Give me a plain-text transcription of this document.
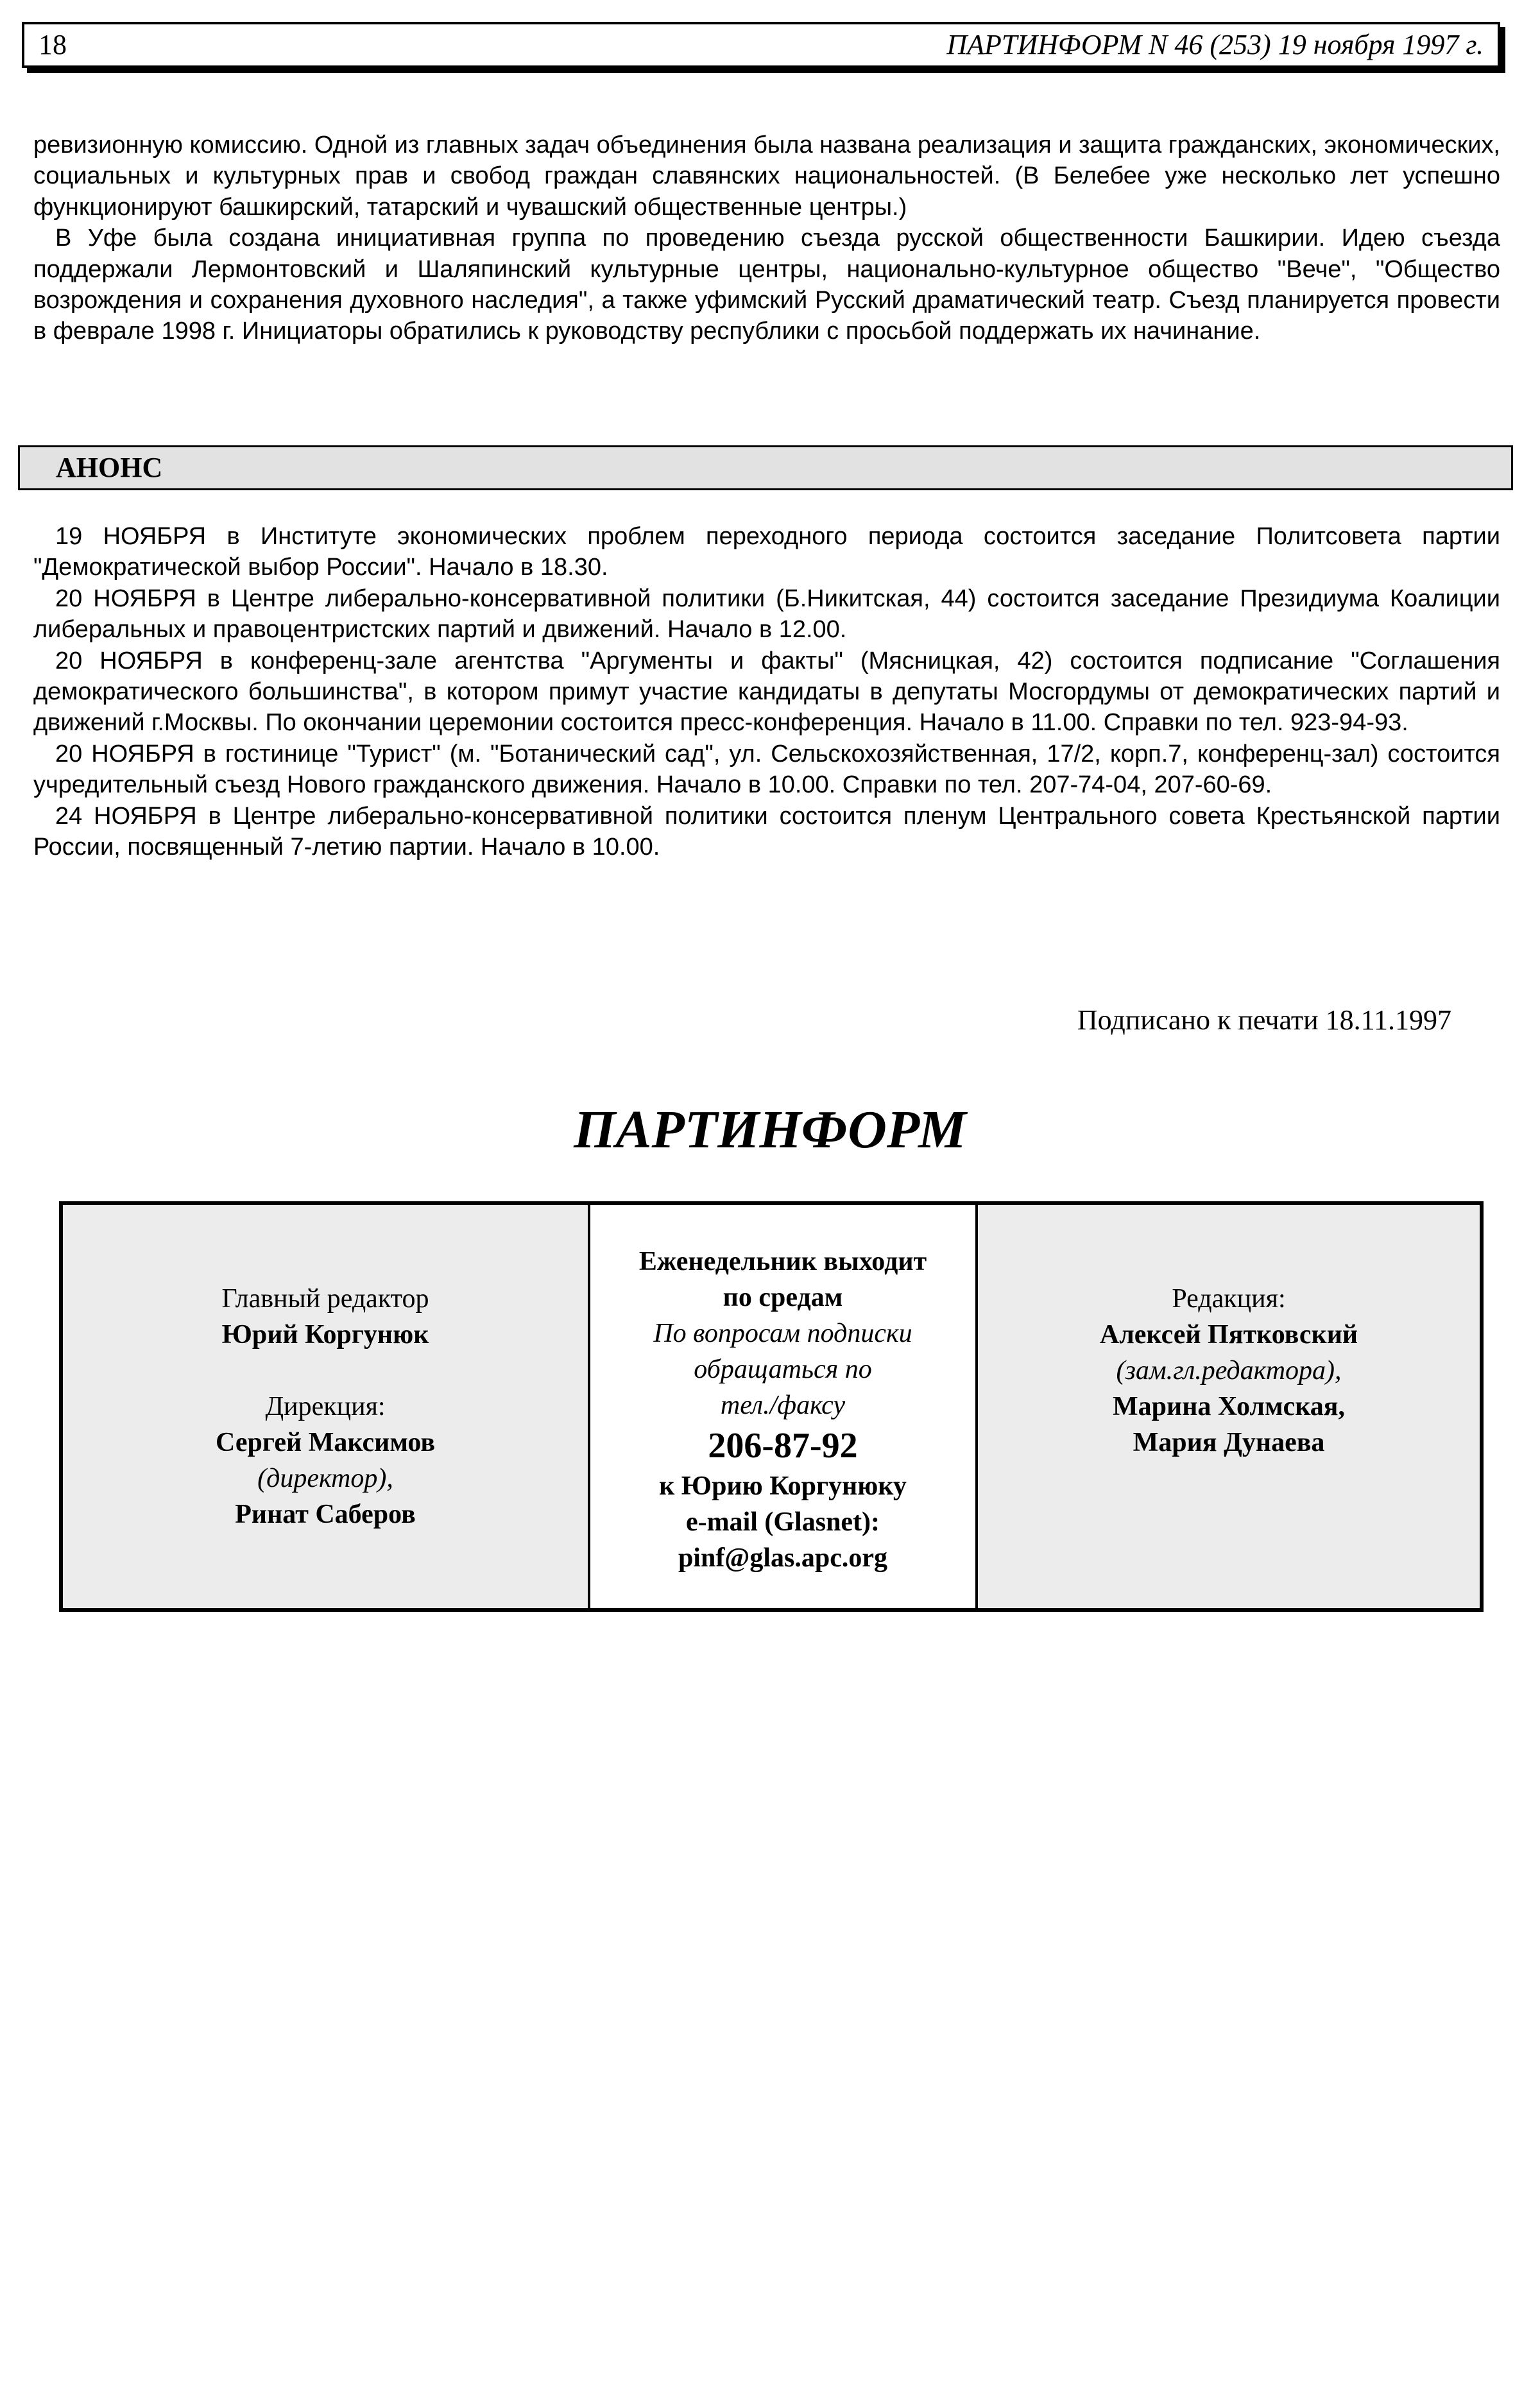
18	ПАРТИНФОРМ N 46 (253) 19 ноября 1997 г.

ревизионную комиссию. Одной из главных задач объединения была названа реализация и защита гражданских, экономических, социальных и культурных прав и свобод граждан славянских национальностей. (В Белебее уже несколько лет успешно функционируют башкирский, татарский и чувашский общественные центры.)

В Уфе была создана инициативная группа по проведению съезда русской общественности Башкирии. Идею съезда поддержали Лермонтовский и Шаляпинский культурные центры, национально-культурное общество "Вече", "Общество возрождения и сохранения духовного наследия", а также уфимский Русский драматический театр. Съезд планируется провести в феврале 1998 г. Инициаторы обратились к руководству республики с просьбой поддержать их начинание.

АНОНС

19 НОЯБРЯ в Институте экономических проблем переходного периода состоится заседание Политсовета партии "Демократической выбор России". Начало в 18.30.

20 НОЯБРЯ в Центре либерально-консервативной политики (Б.Никитская, 44) состоится заседание Президиума Коалиции либеральных и правоцентристских партий и движений. Начало в 12.00.

20 НОЯБРЯ в конференц-зале агентства "Аргументы и факты" (Мясницкая, 42) состоится подписание "Соглашения демократического большинства", в котором примут участие кандидаты в депутаты Мосгордумы от демократических партий и движений г.Москвы. По окончании церемонии состоится пресс-конференция. Начало в 11.00. Справки по тел. 923-94-93.

20 НОЯБРЯ в гостинице "Турист" (м. "Ботанический сад", ул. Сельскохозяйственная, 17/2, корп.7, конференц-зал) состоится учредительный съезд Нового гражданского движения. Начало в 10.00. Справки по тел. 207-74-04, 207-60-69.

24 НОЯБРЯ в Центре либерально-консервативной политики состоится пленум Центрального совета Крестьянской партии России, посвященный 7-летию партии. Начало в 10.00.

Подписано к печати 18.11.1997
ПАРТИНФОРМ
Главный редактор
Юрий Коргунюк
Дирекция:
Сергей Максимов
(директор),
Ринат Саберов
Еженедельник выходит
по средам
По вопросам подписки
обращаться по
тел./факсу
206-87-92
к Юрию Коргунюку
e-mail (Glasnet):
pinf@glas.apc.org
Редакция:
Алексей Пятковский
(зам.гл.редактора),
Марина Холмская,
Мария Дунаева
